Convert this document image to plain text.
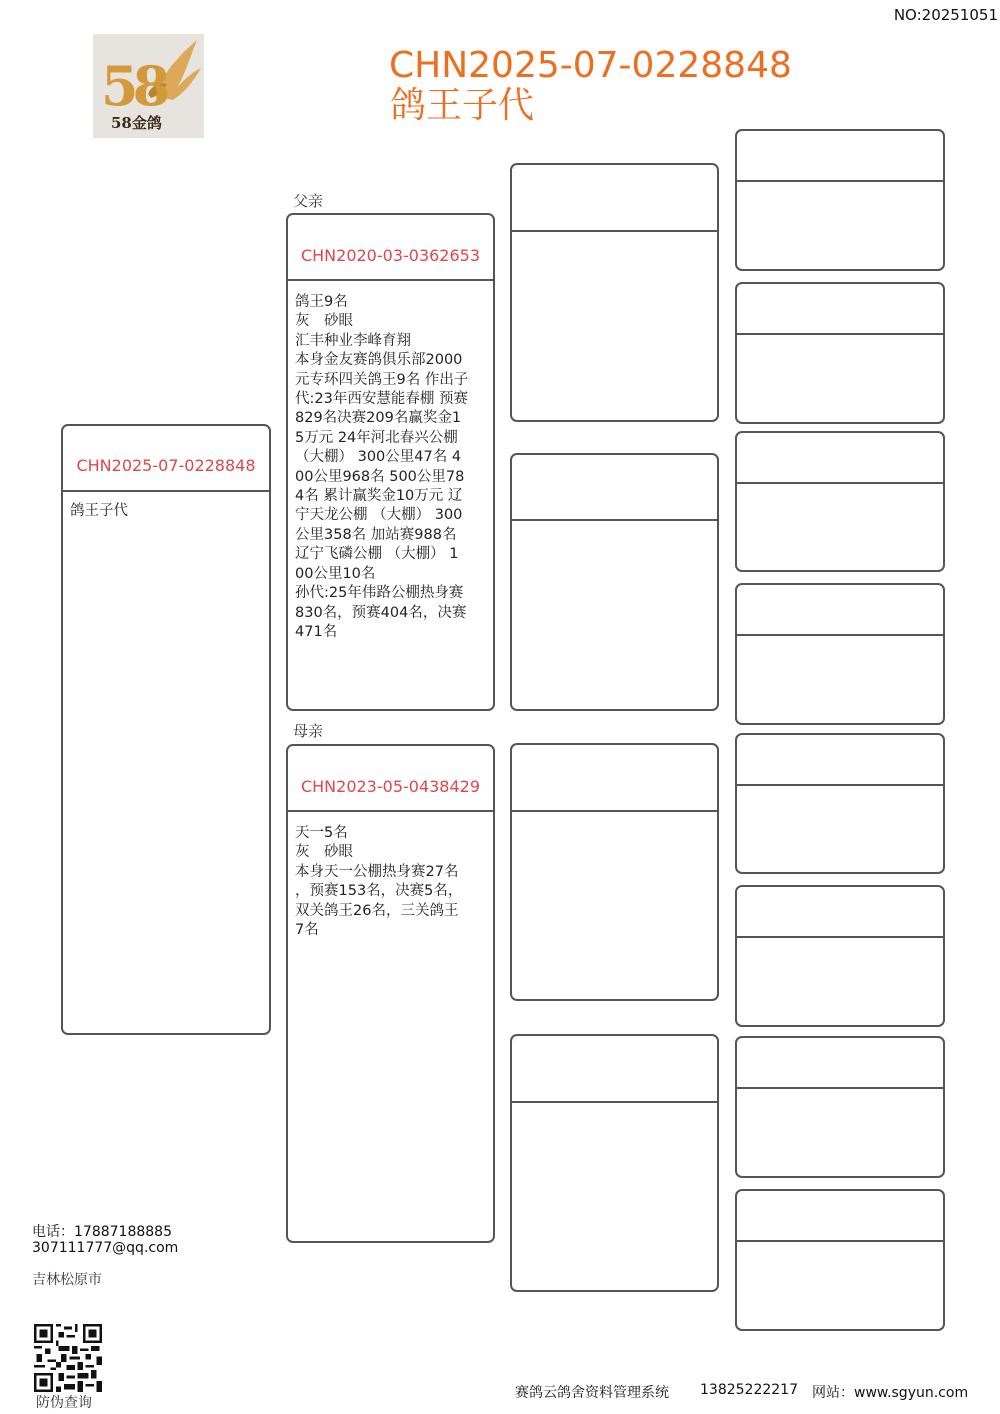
NO:20251051
58
58金鸽
CHN2025-07-0228848
鸽王子代
CHN2025-07-0228848
鸽王子代
父亲
CHN2020-03-0362653
鸽王9名
灰　砂眼
汇丰种业李峰育翔
本身金友赛鸽俱乐部2000
元专环四关鸽王9名 作出子
代:23年西安慧能春棚 预赛
829名决赛209名赢奖金1
5万元 24年河北春兴公棚
（大棚） 300公里47名 4
00公里968名 500公里78
4名 累计赢奖金10万元 辽
宁天龙公棚 （大棚） 300
公里358名 加站赛988名
辽宁飞磷公棚 （大棚） 1
00公里10名
孙代:25年伟路公棚热身赛
830名，预赛404名，决赛
471名
母亲
CHN2023-05-0438429
天一5名
灰　砂眼
本身天一公棚热身赛27名
，预赛153名，决赛5名，
双关鸽王26名，三关鸽王
7名
电话：17887188885
307111777@qq.com
吉林松原市
防伪查询
赛鸽云鸽舍资料管理系统 13825222217 网站：www.sgyun.com
